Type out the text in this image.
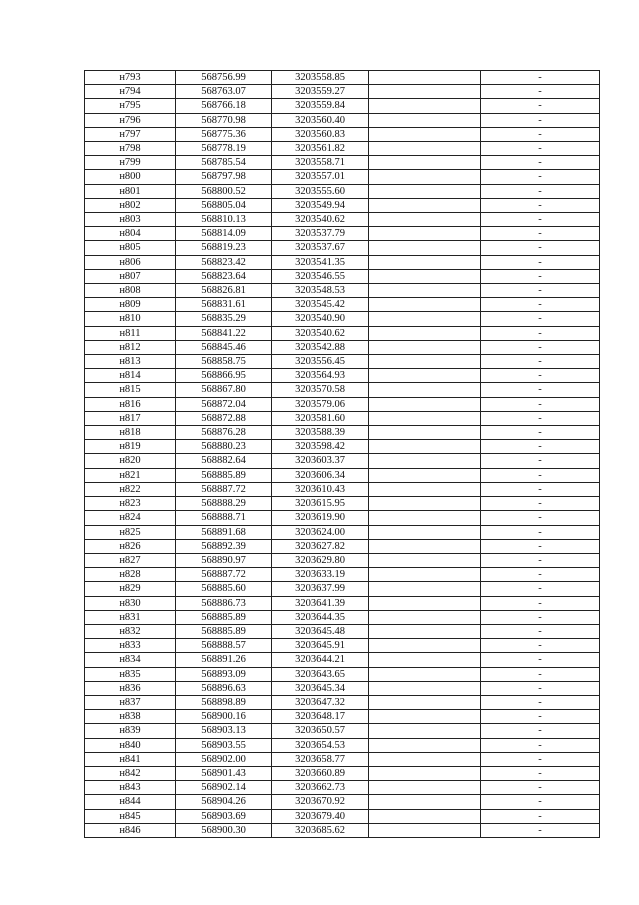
н793	568756.99	3203558.85		-
н794	568763.07	3203559.27		-
н795	568766.18	3203559.84		-
н796	568770.98	3203560.40		-
н797	568775.36	3203560.83		-
н798	568778.19	3203561.82		-
н799	568785.54	3203558.71		-
н800	568797.98	3203557.01		-
н801	568800.52	3203555.60		-
н802	568805.04	3203549.94		-
н803	568810.13	3203540.62		-
н804	568814.09	3203537.79		-
н805	568819.23	3203537.67		-
н806	568823.42	3203541.35		-
н807	568823.64	3203546.55		-
н808	568826.81	3203548.53		-
н809	568831.61	3203545.42		-
н810	568835.29	3203540.90		-
н811	568841.22	3203540.62		-
н812	568845.46	3203542.88		-
н813	568858.75	3203556.45		-
н814	568866.95	3203564.93		-
н815	568867.80	3203570.58		-
н816	568872.04	3203579.06		-
н817	568872.88	3203581.60		-
н818	568876.28	3203588.39		-
н819	568880.23	3203598.42		-
н820	568882.64	3203603.37		-
н821	568885.89	3203606.34		-
н822	568887.72	3203610.43		-
н823	568888.29	3203615.95		-
н824	568888.71	3203619.90		-
н825	568891.68	3203624.00		-
н826	568892.39	3203627.82		-
н827	568890.97	3203629.80		-
н828	568887.72	3203633.19		-
н829	568885.60	3203637.99		-
н830	568886.73	3203641.39		-
н831	568885.89	3203644.35		-
н832	568885.89	3203645.48		-
н833	568888.57	3203645.91		-
н834	568891.26	3203644.21		-
н835	568893.09	3203643.65		-
н836	568896.63	3203645.34		-
н837	568898.89	3203647.32		-
н838	568900.16	3203648.17		-
н839	568903.13	3203650.57		-
н840	568903.55	3203654.53		-
н841	568902.00	3203658.77		-
н842	568901.43	3203660.89		-
н843	568902.14	3203662.73		-
н844	568904.26	3203670.92		-
н845	568903.69	3203679.40		-
н846	568900.30	3203685.62		-
